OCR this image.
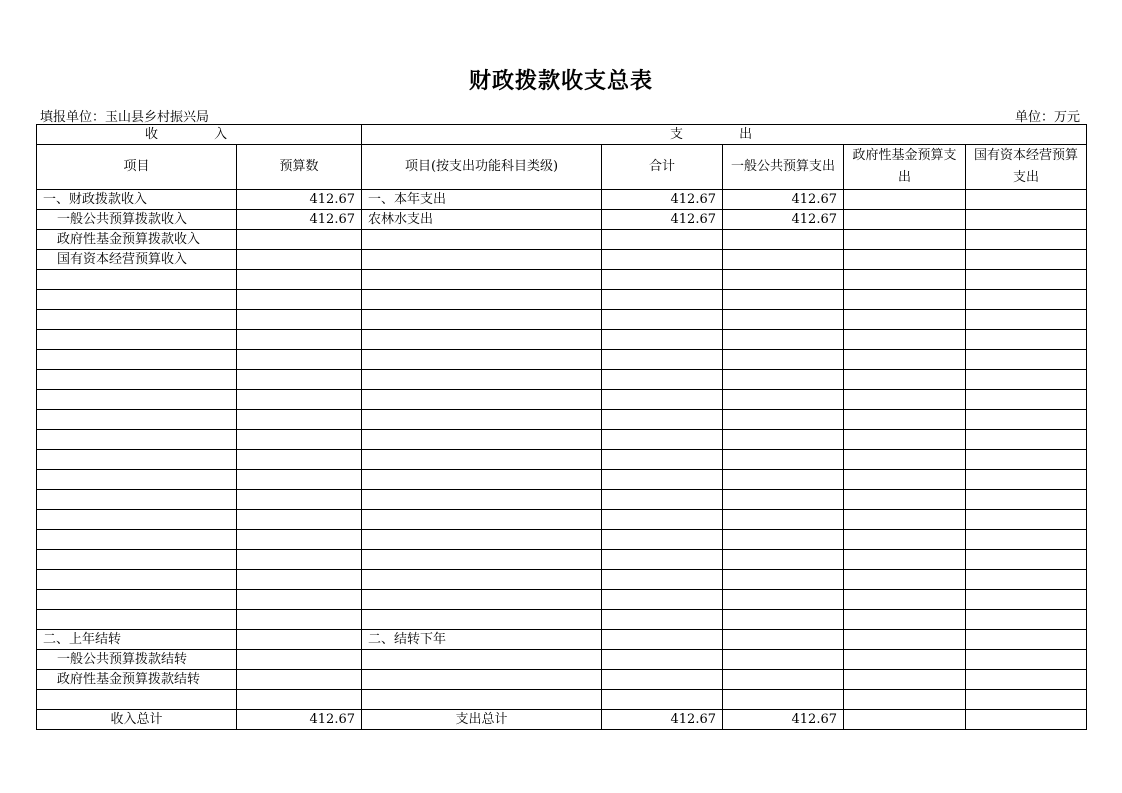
财政拨款收支总表
填报单位：玉山县乡村振兴局	单位：万元
收 入		支 出				
项目	预算数	项目(按支出功能科目类级)	合计	一般公共预算支出	政府性基金预算支出	国有资本经营预算支出
一、财政拨款收入	412.67	一、本年支出	412.67	412.67		
一般公共预算拨款收入	412.67	农林水支出	412.67	412.67		
政府性基金预算拨款收入						
国有资本经营预算收入						

二、上年结转		二、结转下年				
一般公共预算拨款结转						
政府性基金预算拨款结转						

收入总计	412.67	支出总计	412.67	412.67		
